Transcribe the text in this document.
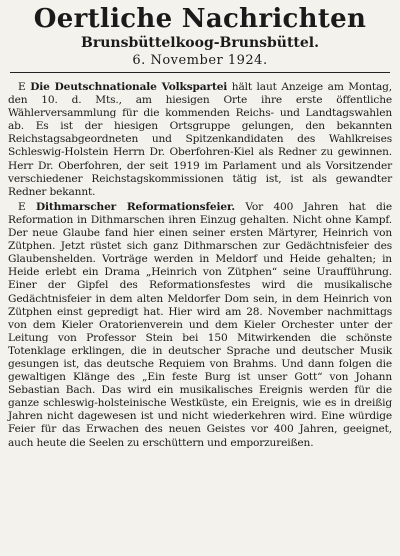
Oertliche Nachrichten
Brunsbüttelkoog-Brunsbüttel.
6. November 1924.

E Die Deutschnationale Volkspartei hält laut Anzeige am Montag, den 10. d. Mts., am hiesigen Orte ihre erste öffentliche Wählerversammlung für die kommenden Reichs- und Landtagswahlen ab. Es ist der hiesigen Ortsgruppe gelungen, den bekannten Reichstagsabgeordneten und Spitzenkandidaten des Wahlkreises Schleswig-Holstein Herrn Dr. Oberfohren-Kiel als Redner zu gewinnen. Herr Dr. Oberfohren, der seit 1919 im Parlament und als Vorsitzender verschiedener Reichstagskommissionen tätig ist, ist als gewandter Redner bekannt.

E Dithmarscher Reformationsfeier. Vor 400 Jahren hat die Reformation in Dithmarschen ihren Einzug gehalten. Nicht ohne Kampf. Der neue Glaube fand hier einen seiner ersten Märtyrer, Heinrich von Zütphen. Jetzt rüstet sich ganz Dithmarschen zur Gedächtnisfeier des Glaubenshelden. Vorträge werden in Meldorf und Heide gehalten; in Heide erlebt ein Drama „Heinrich von Zütphen“ seine Uraufführung. Einer der Gipfel des Reformationsfestes wird die musikalische Gedächtnisfeier in dem alten Meldorfer Dom sein, in dem Heinrich von Zütphen einst gepredigt hat. Hier wird am 28. November nachmittags von dem Kieler Oratorienverein und dem Kieler Orchester unter der Leitung von Professor Stein bei 150 Mitwirkenden die schönste Totenklage erklingen, die in deutscher Sprache und deutscher Musik gesungen ist, das deutsche Requiem von Brahms. Und dann folgen die gewaltigen Klänge des „Ein feste Burg ist unser Gott“ von Johann Sebastian Bach. Das wird ein musikalisches Ereignis werden für die ganze schleswig-holsteinische Westküste, ein Ereignis, wie es in dreißig Jahren nicht dagewesen ist und nicht wiederkehren wird. Eine würdige Feier für das Erwachen des neuen Geistes vor 400 Jahren, geeignet, auch heute die Seelen zu erschüttern und emporzureißen.
